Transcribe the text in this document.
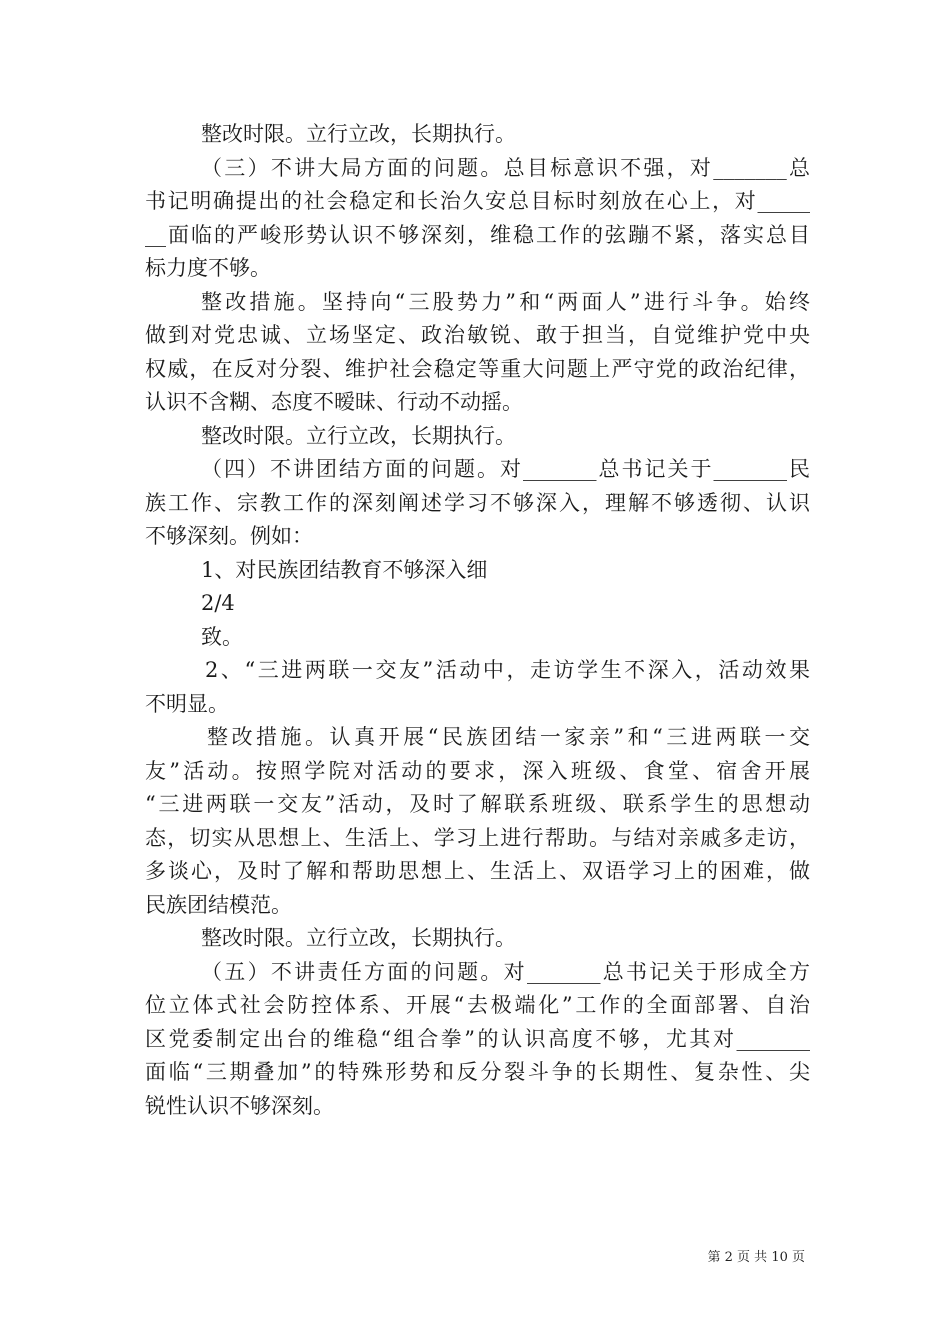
整改时限。立行立改，长期执行。
（三）不讲大局方面的问题。总目标意识不强，对_______总
书记明确提出的社会稳定和长治久安总目标时刻放在心上，对_____
__面临的严峻形势认识不够深刻，维稳工作的弦蹦不紧，落实总目
标力度不够。
整改措施。坚持向“三股势力”和“两面人”进行斗争。始终
做到对党忠诚、立场坚定、政治敏锐、敢于担当，自觉维护党中央
权威，在反对分裂、维护社会稳定等重大问题上严守党的政治纪律，
认识不含糊、态度不暧昧、行动不动摇。
整改时限。立行立改，长期执行。
（四）不讲团结方面的问题。对_______总书记关于_______民
族工作、宗教工作的深刻阐述学习不够深入，理解不够透彻、认识
不够深刻。例如：
1、对民族团结教育不够深入细
2/4
致。
2、“三进两联一交友”活动中，走访学生不深入，活动效果
不明显。
整改措施。认真开展“民族团结一家亲”和“三进两联一交
友”活动。按照学院对活动的要求，深入班级、食堂、宿舍开展
“三进两联一交友”活动，及时了解联系班级、联系学生的思想动
态，切实从思想上、生活上、学习上进行帮助。与结对亲戚多走访，
多谈心，及时了解和帮助思想上、生活上、双语学习上的困难，做
民族团结模范。
整改时限。立行立改，长期执行。
（五）不讲责任方面的问题。对_______总书记关于形成全方
位立体式社会防控体系、开展“去极端化”工作的全面部署、自治
区党委制定出台的维稳“组合拳”的认识高度不够，尤其对_______
面临“三期叠加”的特殊形势和反分裂斗争的长期性、复杂性、尖
锐性认识不够深刻。
第 2 页 共 10 页
